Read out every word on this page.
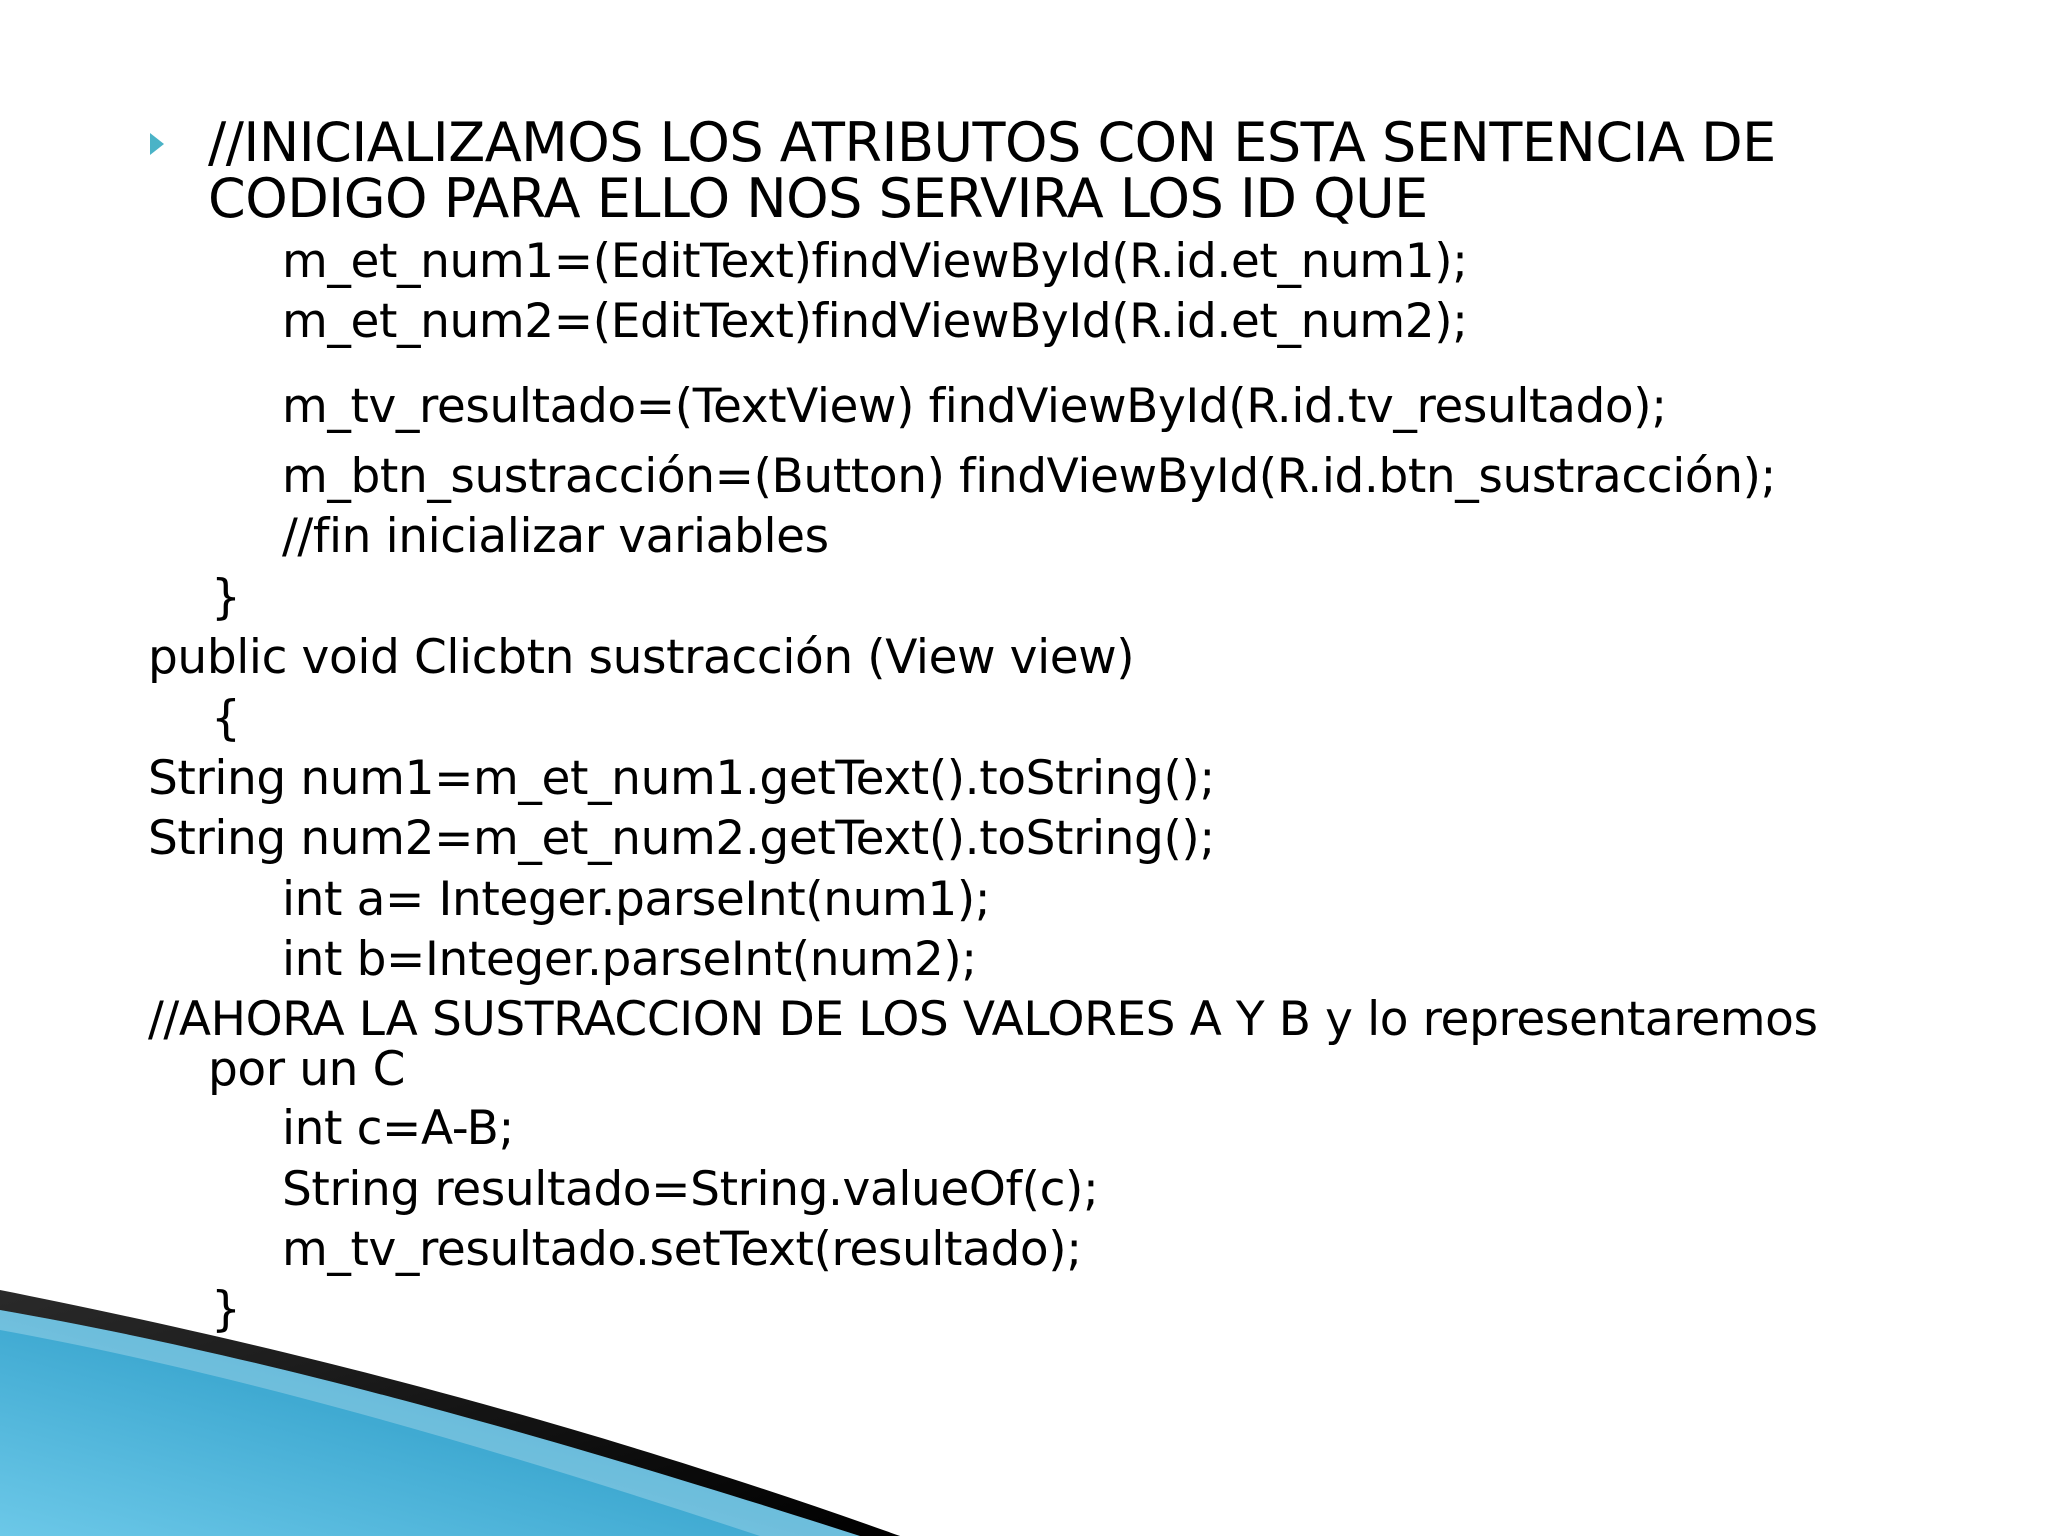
//INICIALIZAMOS LOS ATRIBUTOS CON ESTA SENTENCIA DE

CODIGO PARA ELLO NOS SERVIRA LOS ID QUE

m_et_num1=(EditText)findViewById(R.id.et_num1);

m_et_num2=(EditText)findViewById(R.id.et_num2);

m_tv_resultado=(TextView) findViewById(R.id.tv_resultado);

m_btn_sustracción=(Button) findViewById(R.id.btn_sustracción);

//fin inicializar variables

}

public void Clicbtn sustracción (View view)

{

String num1=m_et_num1.getText().toString();

String num2=m_et_num2.getText().toString();

int a= Integer.parseInt(num1);

int b=Integer.parseInt(num2);

//AHORA LA SUSTRACCION DE LOS VALORES A Y B y lo representaremos

por un C

int c=A-B;

String resultado=String.valueOf(c);

m_tv_resultado.setText(resultado);

}
